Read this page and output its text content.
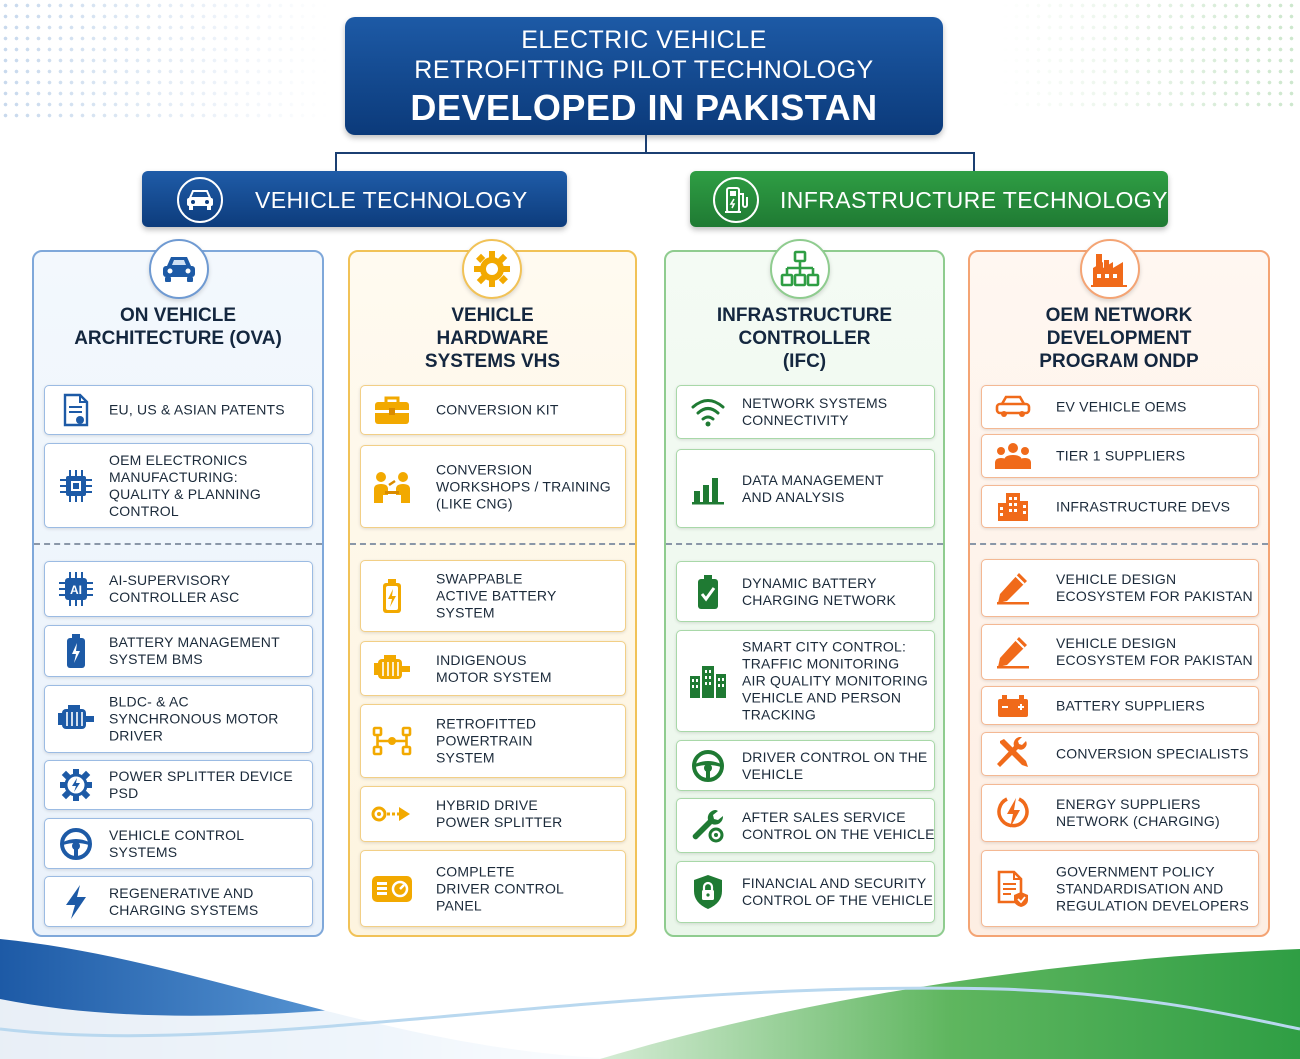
ELECTRIC VEHICLE
RETROFITTING PILOT TECHNOLOGY
DEVELOPED IN PAKISTAN
VEHICLE TECHNOLOGY	INFRASTRUCTURE TECHNOLOGY
ON VEHICLE
ARCHITECTURE (OVA)
EU, US & ASIAN PATENTS
OEM ELECTRONICS
MANUFACTURING:
QUALITY & PLANNING
CONTROL
AI
AI-SUPERVISORY
CONTROLLER ASC
BATTERY MANAGEMENT
SYSTEM BMS
BLDC- & AC
SYNCHRONOUS MOTOR
DRIVER
POWER SPLITTER DEVICE
PSD
VEHICLE CONTROL
SYSTEMS
REGENERATIVE AND
CHARGING SYSTEMS
VEHICLE
HARDWARE
SYSTEMS VHS
CONVERSION KIT
CONVERSION
WORKSHOPS / TRAINING
(LIKE CNG)
SWAPPABLE
ACTIVE BATTERY
SYSTEM
INDIGENOUS
MOTOR SYSTEM
RETROFITTED
POWERTRAIN
SYSTEM
HYBRID DRIVE
POWER SPLITTER
COMPLETE
DRIVER CONTROL
PANEL
INFRASTRUCTURE
CONTROLLER
(IFC)
NETWORK SYSTEMS
CONNECTIVITY
DATA MANAGEMENT
AND ANALYSIS
DYNAMIC BATTERY
CHARGING NETWORK
SMART CITY CONTROL:
TRAFFIC MONITORING
AIR QUALITY MONITORING
VEHICLE AND PERSON
TRACKING
DRIVER CONTROL ON THE
VEHICLE
AFTER SALES SERVICE
CONTROL ON THE VEHICLE
FINANCIAL AND SECURITY
CONTROL OF THE VEHICLE
OEM NETWORK
DEVELOPMENT
PROGRAM ONDP
EV VEHICLE OEMS
TIER 1 SUPPLIERS
INFRASTRUCTURE DEVS
VEHICLE DESIGN
ECOSYSTEM FOR PAKISTAN
VEHICLE DESIGN
ECOSYSTEM FOR PAKISTAN
BATTERY SUPPLIERS
CONVERSION SPECIALISTS
ENERGY SUPPLIERS
NETWORK (CHARGING)
GOVERNMENT POLICY
STANDARDISATION AND
REGULATION DEVELOPERS
